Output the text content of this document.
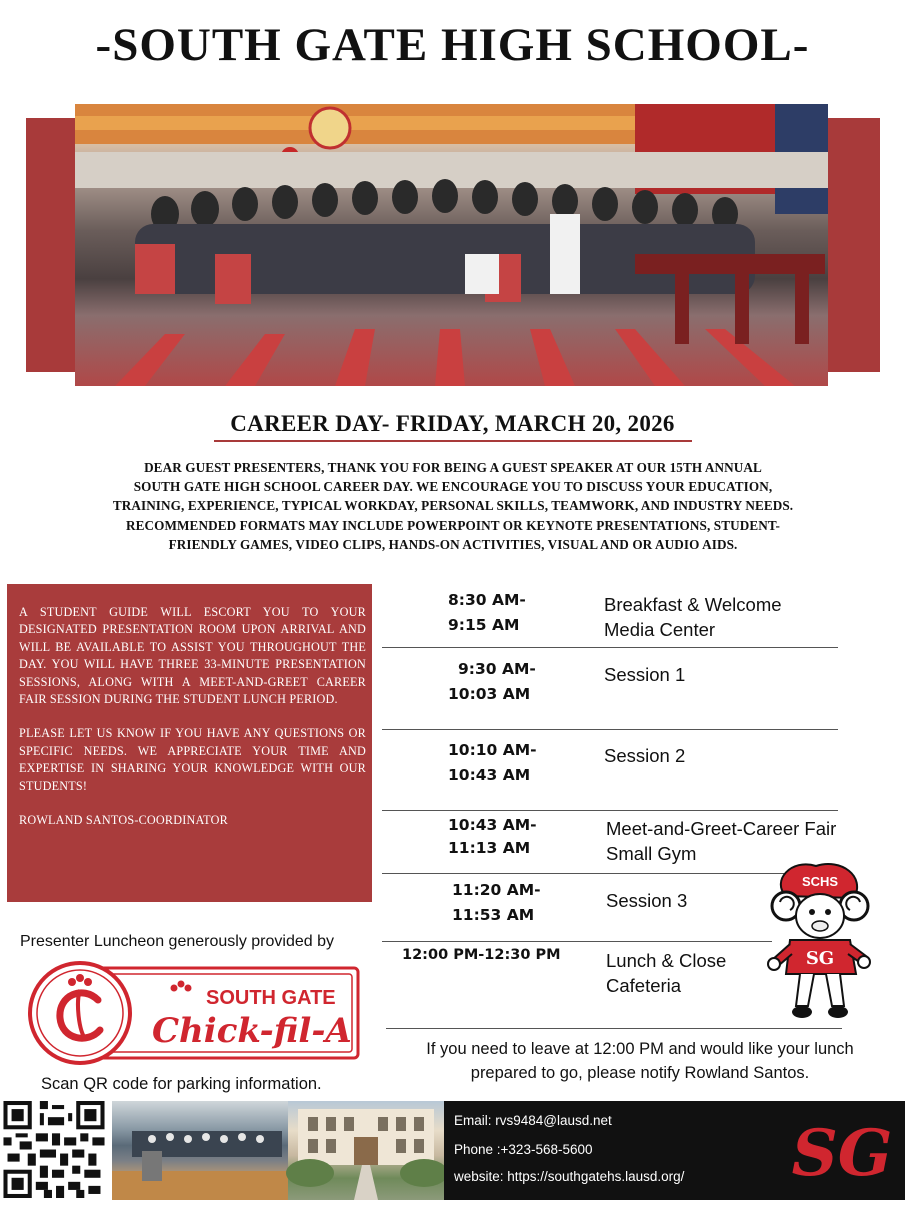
-SOUTH GATE HIGH SCHOOL-
CAREER DAY- FRIDAY, MARCH 20, 2026
DEAR GUEST PRESENTERS, THANK YOU FOR BEING A GUEST SPEAKER AT OUR 15TH ANNUAL
SOUTH GATE HIGH SCHOOL CAREER DAY. WE ENCOURAGE YOU TO DISCUSS YOUR EDUCATION,
TRAINING, EXPERIENCE, TYPICAL WORKDAY, PERSONAL SKILLS, TEAMWORK, AND INDUSTRY NEEDS.
RECOMMENDED FORMATS MAY INCLUDE POWERPOINT OR KEYNOTE PRESENTATIONS, STUDENT-
FRIENDLY GAMES, VIDEO CLIPS, HANDS-ON ACTIVITIES, VISUAL AND OR AUDIO AIDS.

A STUDENT GUIDE WILL ESCORT YOU TO YOUR DESIGNATED PRESENTATION ROOM UPON ARRIVAL AND WILL BE AVAILABLE TO ASSIST YOU THROUGHOUT THE DAY. YOU WILL HAVE THREE 33-MINUTE PRESENTATION SESSIONS, ALONG WITH A MEET-AND-GREET CAREER FAIR SESSION DURING THE STUDENT LUNCH PERIOD.

PLEASE LET US KNOW IF YOU HAVE ANY QUESTIONS OR SPECIFIC NEEDS. WE APPRECIATE YOUR TIME AND EXPERTISE IN SHARING YOUR KNOWLEDGE WITH OUR STUDENTS!

ROWLAND SANTOS-COORDINATOR

8:30 AM-
9:15 AM
Breakfast & Welcome
Media Center
9:30 AM-
10:03 AM
Session 1
10:10 AM-
10:43 AM
Session 2
10:43 AM-
11:13 AM
Meet-and-Greet-Career Fair
Small Gym
11:20 AM-
11:53 AM
Session 3
12:00 PM-12:30 PM Lunch & Close
Cafeteria
Presenter Luncheon generously provided by
SOUTH GATE
Chick-fil-A
Scan QR code for parking information.
If you need to leave at 12:00 PM and would like your lunch
prepared to go, please notify Rowland Santos.
SCHS
SG
Email: rvs9484@lausd.net
Phone :+323-568-5600
website: https://southgatehs.lausd.org/ SG
